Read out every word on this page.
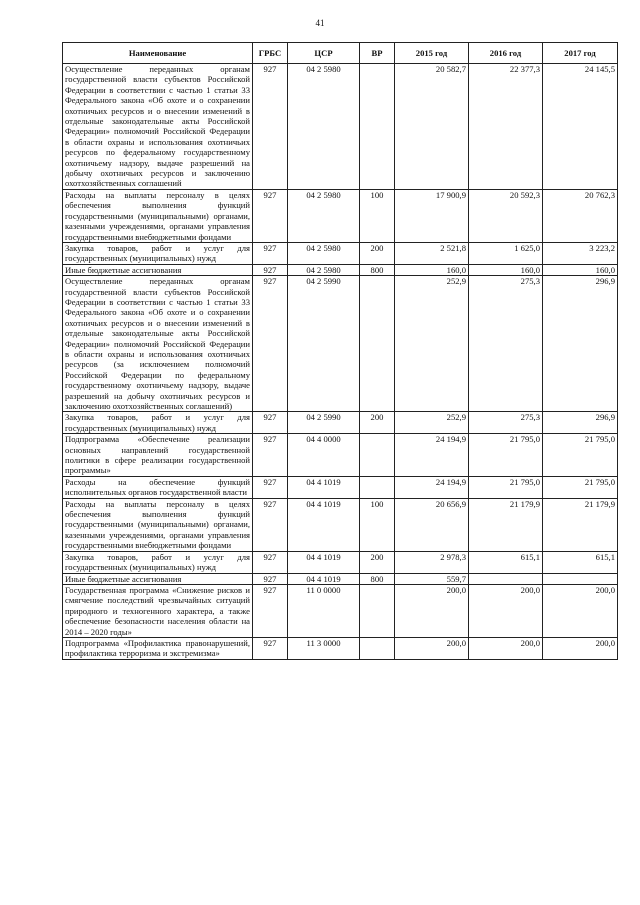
41
Наименование	ГРБС	ЦСР	ВР	2015 год	2016 год	2017 год
Осуществление переданных органам государственной власти субъектов Российской Федерации в соответствии с частью 1 статьи 33 Федерального закона «Об охоте и о сохранении охотничьих ресурсов и о внесении изменений в отдельные законодательные акты Российской Федерации» полномочий Российской Федерации в области охраны и использования охотничьих ресурсов по федеральному государственному охотничьему надзору, выдаче разрешений на добычу охотничьих ресурсов и заключению охотхозяйственных соглашений	927	04 2 5980		20 582,7	22 377,3	24 145,5
Расходы на выплаты персоналу в целях обеспечения выполнения функций государственными (муниципальными) органами, казенными учреждениями, органами управления государственными внебюджетными фондами	927	04 2 5980	100	17 900,9	20 592,3	20 762,3
Закупка товаров, работ и услуг для государственных (муниципальных) нужд	927	04 2 5980	200	2 521,8	1 625,0	3 223,2
Иные бюджетные ассигнования	927	04 2 5980	800	160,0	160,0	160,0
Осуществление переданных органам государственной власти субъектов Российской Федерации в соответствии с частью 1 статьи 33 Федерального закона «Об охоте и о сохранении охотничьих ресурсов и о внесении изменений в отдельные законодательные акты Российской Федерации» полномочий Российской Федерации в области охраны и использования охотничьих ресурсов (за исключением полномочий Российской Федерации по федеральному государственному охотничьему надзору, выдаче разрешений на добычу охотничьих ресурсов и заключению охотхозяйственных соглашений)	927	04 2 5990		252,9	275,3	296,9
Закупка товаров, работ и услуг для государственных (муниципальных) нужд	927	04 2 5990	200	252,9	275,3	296,9
Подпрограмма «Обеспечение реализации основных направлений государственной политики в сфере реализации государственной программы»	927	04 4 0000		24 194,9	21 795,0	21 795,0
Расходы на обеспечение функций исполнительных органов государственной власти	927	04 4 1019		24 194,9	21 795,0	21 795,0
Расходы на выплаты персоналу в целях обеспечения выполнения функций государственными (муниципальными) органами, казенными учреждениями, органами управления государственными внебюджетными фондами	927	04 4 1019	100	20 656,9	21 179,9	21 179,9
Закупка товаров, работ и услуг для государственных (муниципальных) нужд	927	04 4 1019	200	2 978,3	615,1	615,1
Иные бюджетные ассигнования	927	04 4 1019	800	559,7		
Государственная программа «Снижение рисков и смягчение последствий чрезвычайных ситуаций природного и техногенного характера, а также обеспечение безопасности населения области на 2014 – 2020 годы»	927	11 0 0000		200,0	200,0	200,0
Подпрограмма «Профилактика правонарушений, профилактика терроризма и экстремизма»	927	11 3 0000		200,0	200,0	200,0
